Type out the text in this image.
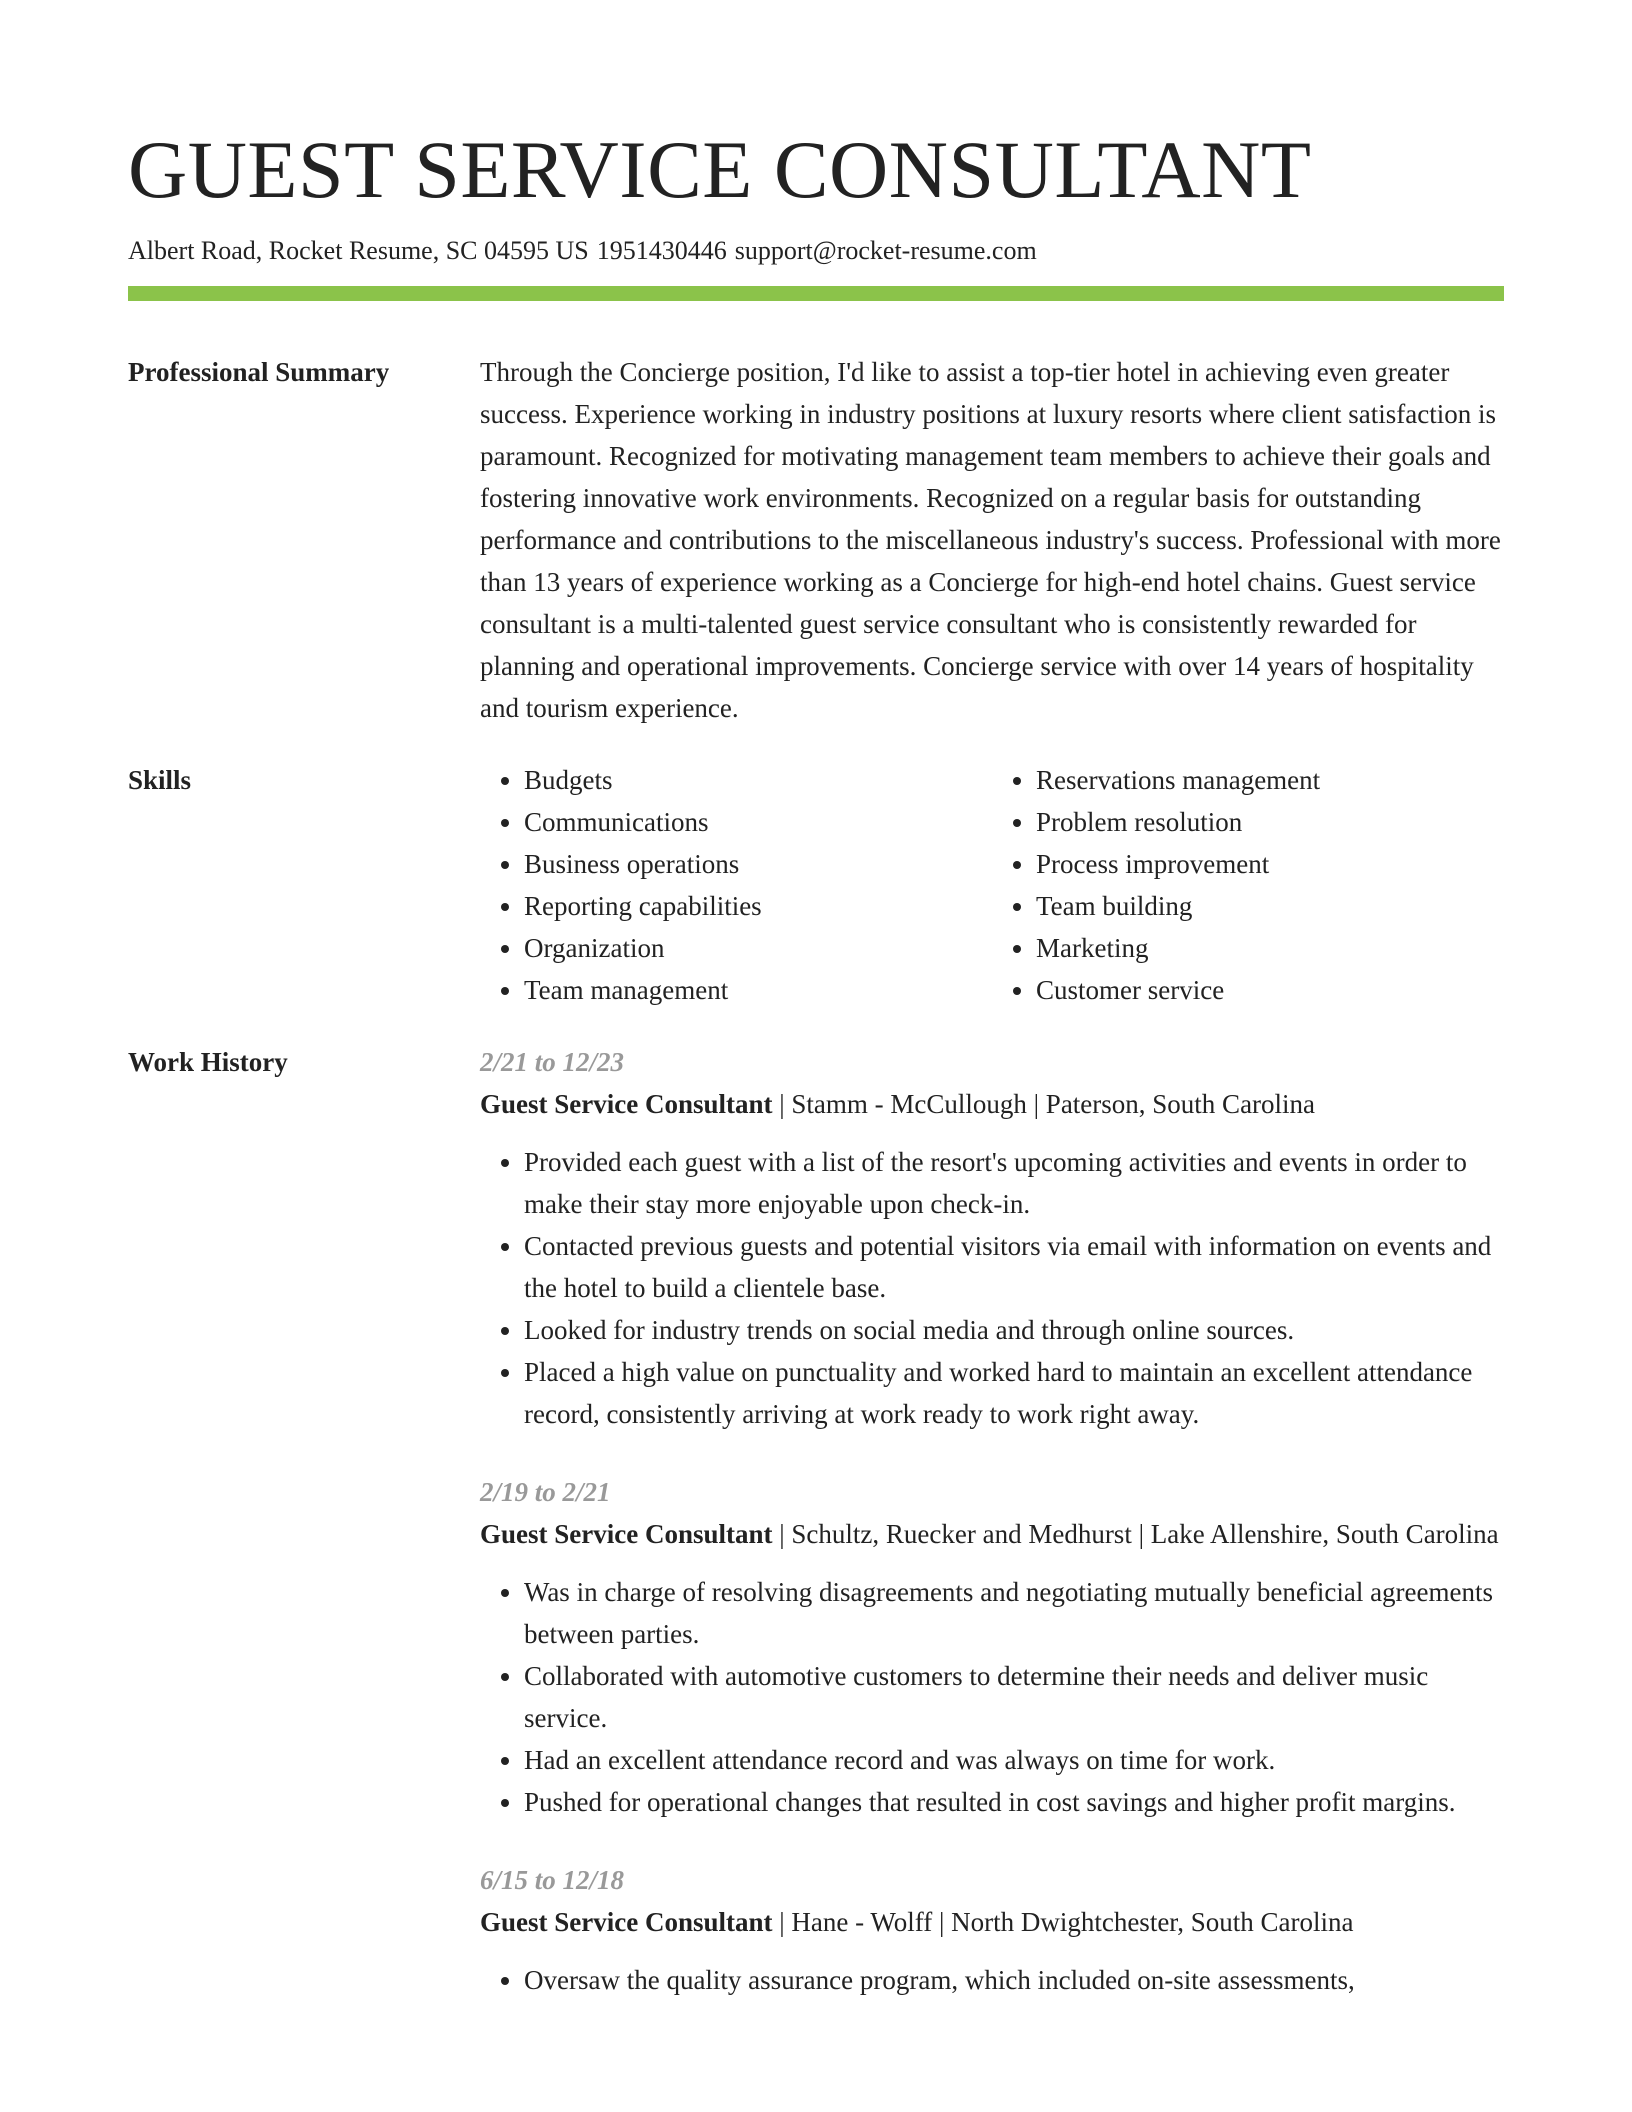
GUEST SERVICE CONSULTANT
Albert Road, Rocket Resume, SC 04595 US 1951430446 support@rocket-resume.com
Professional Summary	Through the Concierge position, I'd like to assist a top-tier hotel in achieving even greater success. Experience working in industry positions at luxury resorts where client satisfaction is paramount. Recognized for motivating management team members to achieve their goals and fostering innovative work environments. Recognized on a regular basis for outstanding performance and contributions to the miscellaneous industry's success. Professional with more than 13 years of experience working as a Concierge for high-end hotel chains. Guest service consultant is a multi-talented guest service consultant who is consistently rewarded for planning and operational improvements. Concierge service with over 14 years of hospitality and tourism experience.
Skills
•	Budgets
• Communications
• Business operations
• Reporting capabilities
• Organization
• Team management
• Reservations management
• Problem resolution
• Process improvement
• Team building
• Marketing
• Customer service
Work History	2/21 to 12/23
Guest Service Consultant | Stamm - McCullough | Paterson, South Carolina
• Provided each guest with a list of the resort's upcoming activities and events in order to make their stay more enjoyable upon check-in.
• Contacted previous guests and potential visitors via email with information on events and the hotel to build a clientele base.
• Looked for industry trends on social media and through online sources.
• Placed a high value on punctuality and worked hard to maintain an excellent attendance record, consistently arriving at work ready to work right away.
2/19 to 2/21
Guest Service Consultant | Schultz, Ruecker and Medhurst | Lake Allenshire, South Carolina
• Was in charge of resolving disagreements and negotiating mutually beneficial agreements between parties.
• Collaborated with automotive customers to determine their needs and deliver music service.
• Had an excellent attendance record and was always on time for work.
• Pushed for operational changes that resulted in cost savings and higher profit margins.
6/15 to 12/18
Guest Service Consultant | Hane - Wolff | North Dwightchester, South Carolina
• Oversaw the quality assurance program, which included on-site assessments,
